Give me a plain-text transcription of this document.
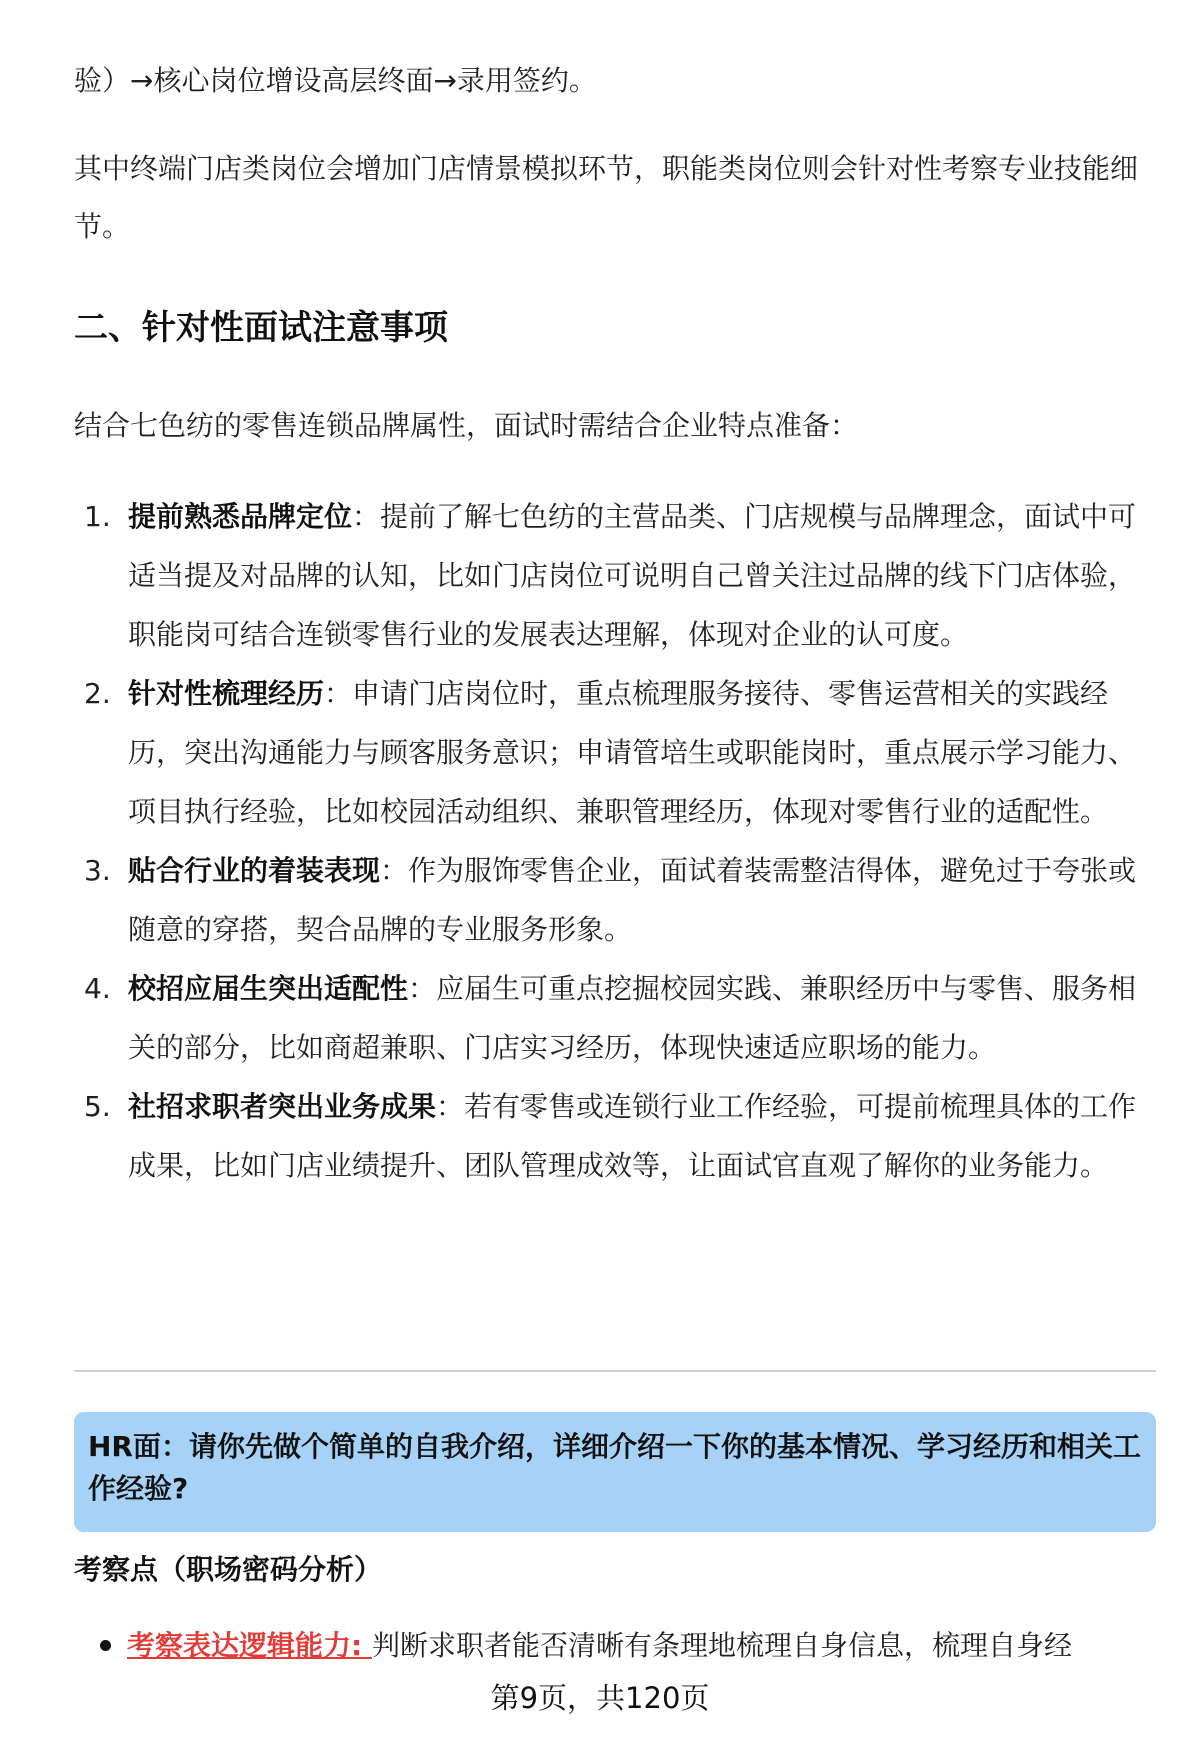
验）→核心岗位增设高层终面→录用签约。

其中终端门店类岗位会增加门店情景模拟环节，职能类岗位则会针对性考察专业技能细节。

二、针对性面试注意事项

结合七色纺的零售连锁品牌属性，面试时需结合企业特点准备：

1. 提前熟悉品牌定位：提前了解七色纺的主营品类、门店规模与品牌理念，面试中可适当提及对品牌的认知，比如门店岗位可说明自己曾关注过品牌的线下门店体验，职能岗可结合连锁零售行业的发展表达理解，体现对企业的认可度。
2. 针对性梳理经历：申请门店岗位时，重点梳理服务接待、零售运营相关的实践经历，突出沟通能力与顾客服务意识；申请管培生或职能岗时，重点展示学习能力、项目执行经验，比如校园活动组织、兼职管理经历，体现对零售行业的适配性。
3. 贴合行业的着装表现：作为服饰零售企业，面试着装需整洁得体，避免过于夸张或随意的穿搭，契合品牌的专业服务形象。
4. 校招应届生突出适配性：应届生可重点挖掘校园实践、兼职经历中与零售、服务相关的部分，比如商超兼职、门店实习经历，体现快速适应职场的能力。
5. 社招求职者突出业务成果：若有零售或连锁行业工作经验，可提前梳理具体的工作成果，比如门店业绩提升、团队管理成效等，让面试官直观了解你的业务能力。
HR面：请你先做个简单的自我介绍，详细介绍一下你的基本情况、学习经历和相关工作经验?

考察点（职场密码分析）

考察表达逻辑能力: 判断求职者能否清晰有条理地梳理自身信息，梳理自身经
第9页，共120页
